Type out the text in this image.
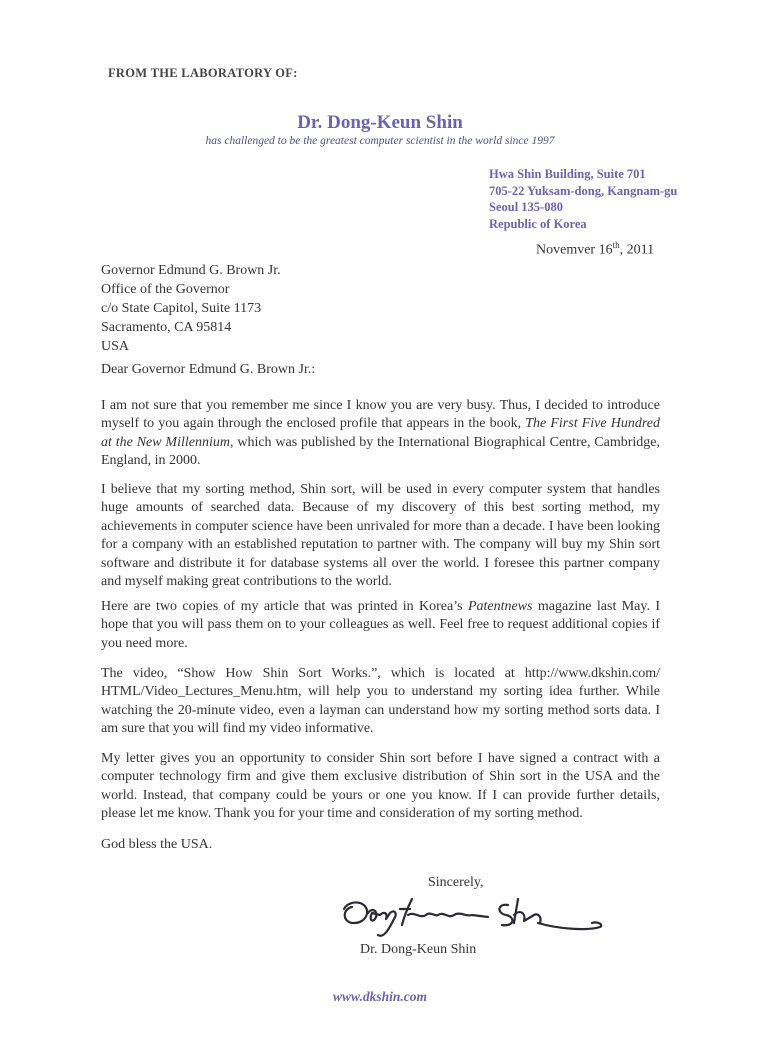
FROM THE LABORATORY OF:
Dr. Dong-Keun Shin
has challenged to be the greatest computer scientist in the world since 1997
Hwa Shin Building, Suite 701
705-22 Yuksam-dong, Kangnam-gu
Seoul 135-080
Republic of Korea
Novemver 16th, 2011
Governor Edmund G. Brown Jr.
Office of the Governor
c/o State Capitol, Suite 1173
Sacramento, CA 95814
USA
Dear Governor Edmund G. Brown Jr.:
I am not sure that you remember me since I know you are very busy. Thus, I decided to introduce myself to you again through the enclosed profile that appears in the book, The First Five Hundred at the New Millennium, which was published by the International Biographical Centre, Cambridge, England, in 2000.
I believe that my sorting method, Shin sort, will be used in every computer system that handles huge amounts of searched data. Because of my discovery of this best sorting method, my achievements in computer science have been unrivaled for more than a decade. I have been looking for a company with an established reputation to partner with. The company will buy my Shin sort software and distribute it for database systems all over the world. I foresee this partner company and myself making great contributions to the world.
Here are two copies of my article that was printed in Korea’s Patentnews magazine last May. I hope that you will pass them on to your colleagues as well. Feel free to request additional copies if you need more.
The video, “Show How Shin Sort Works.”, which is located at http://www.dkshin.com/ HTML/Video_Lectures_Menu.htm, will help you to understand my sorting idea further. While watching the 20-minute video, even a layman can understand how my sorting method sorts data. I am sure that you will find my video informative.
My letter gives you an opportunity to consider Shin sort before I have signed a contract with a computer technology firm and give them exclusive distribution of Shin sort in the USA and the world. Instead, that company could be yours or one you know. If I can provide further details, please let me know. Thank you for your time and consideration of my sorting method.
God bless the USA.
Sincerely,
Dr. Dong-Keun Shin
www.dkshin.com
